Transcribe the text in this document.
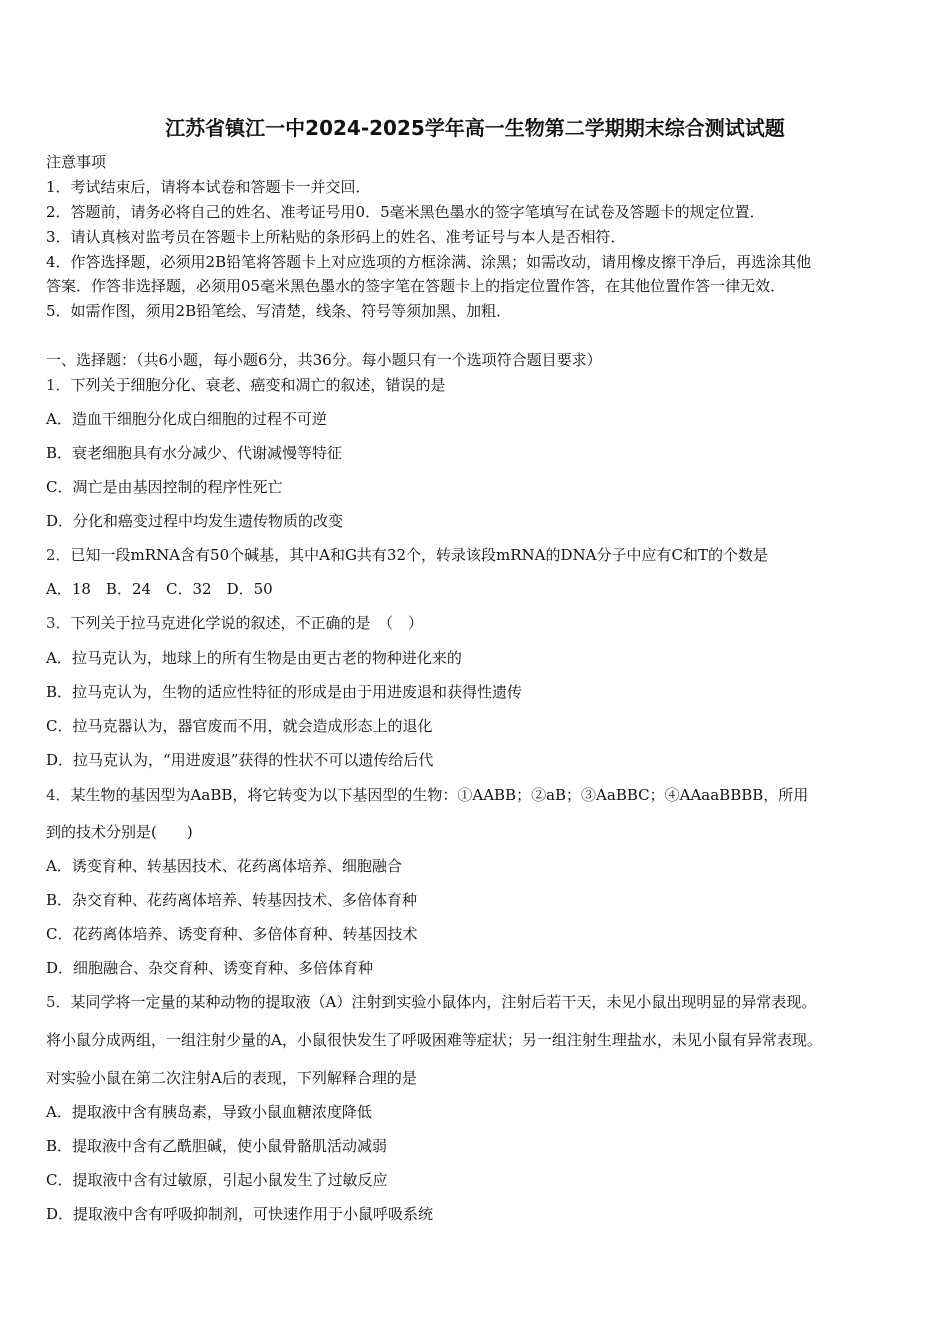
江苏省镇江一中2024-2025学年高一生物第二学期期末综合测试试题
注意事项
1．考试结束后，请将本试卷和答题卡一并交回．
2．答题前，请务必将自己的姓名、准考证号用0．5毫米黑色墨水的签字笔填写在试卷及答题卡的规定位置．
3．请认真核对监考员在答题卡上所粘贴的条形码上的姓名、准考证号与本人是否相符．
4．作答选择题，必须用2B铅笔将答题卡上对应选项的方框涂满、涂黑；如需改动，请用橡皮擦干净后，再选涂其他
答案．作答非选择题，必须用05毫米黑色墨水的签字笔在答题卡上的指定位置作答，在其他位置作答一律无效．
5．如需作图，须用2B铅笔绘、写清楚，线条、符号等须加黑、加粗．
一、选择题：（共6小题，每小题6分，共36分。每小题只有一个选项符合题目要求）
1．下列关于细胞分化、衰老、癌变和凋亡的叙述，错误的是
A．造血干细胞分化成白细胞的过程不可逆
B．衰老细胞具有水分减少、代谢减慢等特征
C．凋亡是由基因控制的程序性死亡
D．分化和癌变过程中均发生遗传物质的改变
2．已知一段mRNA含有50个碱基，其中A和G共有32个，转录该段mRNA的DNA分子中应有C和T的个数是
A．18　B．24　C．32　D．50
3．下列关于拉马克进化学说的叙述，不正确的是　（　）
A．拉马克认为，地球上的所有生物是由更古老的物种进化来的
B．拉马克认为，生物的适应性特征的形成是由于用进废退和获得性遗传
C．拉马克器认为，器官废而不用，就会造成形态上的退化
D．拉马克认为，“用进废退”获得的性状不可以遗传给后代
4．某生物的基因型为AaBB，将它转变为以下基因型的生物：①AABB；②aB；③AaBBC；④AAaaBBBB，所用
到的技术分别是(　　)
A．诱变育种、转基因技术、花药离体培养、细胞融合
B．杂交育种、花药离体培养、转基因技术、多倍体育种
C．花药离体培养、诱变育种、多倍体育种、转基因技术
D．细胞融合、杂交育种、诱变育种、多倍体育种
5．某同学将一定量的某种动物的提取液（A）注射到实验小鼠体内，注射后若干天，未见小鼠出现明显的异常表现。
将小鼠分成两组，一组注射少量的A，小鼠很快发生了呼吸困难等症状；另一组注射生理盐水，未见小鼠有异常表现。
对实验小鼠在第二次注射A后的表现，下列解释合理的是
A．提取液中含有胰岛素，导致小鼠血糖浓度降低
B．提取液中含有乙酰胆碱，使小鼠骨骼肌活动减弱
C．提取液中含有过敏原，引起小鼠发生了过敏反应
D．提取液中含有呼吸抑制剂，可快速作用于小鼠呼吸系统
